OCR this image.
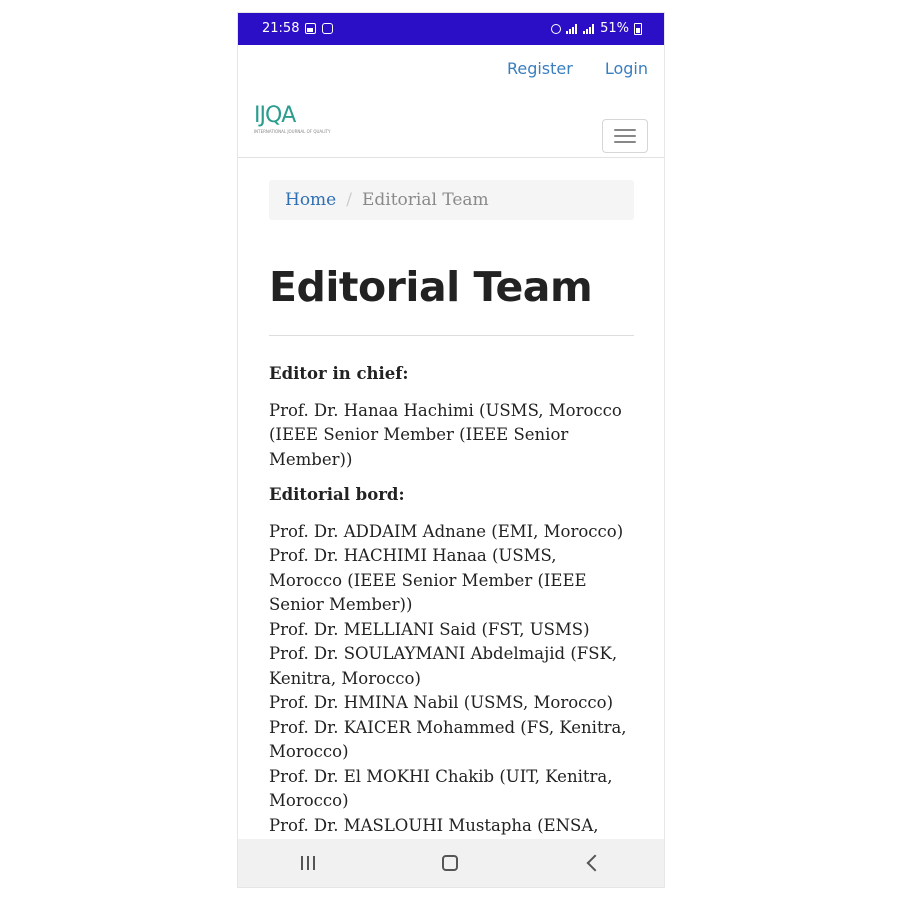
21:58	51%
Register Login
IJQA
INTERNATIONAL JOURNAL OF QUALITY
Home / Editorial Team
Editorial Team

Editor in chief:

Prof. Dr. Hanaa Hachimi (USMS, Morocco

(IEEE Senior Member (IEEE Senior

Member))

Editorial bord:

Prof. Dr. ADDAIM Adnane (EMI, Morocco)

Prof. Dr. HACHIMI Hanaa (USMS,

Morocco (IEEE Senior Member (IEEE

Senior Member))

Prof. Dr. MELLIANI Said (FST, USMS)

Prof. Dr. SOULAYMANI Abdelmajid (FSK,

Kenitra, Morocco)

Prof. Dr. HMINA Nabil (USMS, Morocco)

Prof. Dr. KAICER Mohammed (FS, Kenitra,

Morocco)

Prof. Dr. El MOKHI Chakib (UIT, Kenitra,

Morocco)

Prof. Dr. MASLOUHI Mustapha (ENSA,
